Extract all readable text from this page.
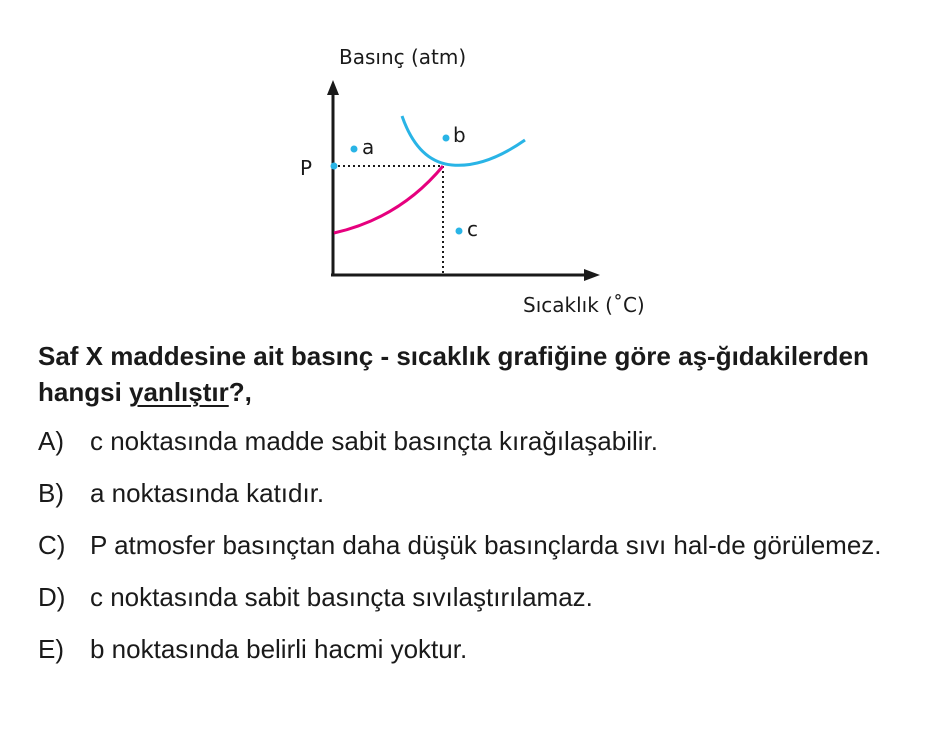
Basınç (atm)
Sıcaklık (˚C)
P
a	b
c

Saf X maddesine ait basınç - sıcaklık grafiğine göre aş-ğıdakilerden hangsi yanlıştır?,

A)	c noktasında madde sabit basınçta kırağılaşabilir.
B)	a noktasında katıdır.
C) P atmosfer basınçtan daha düşük basınçlarda sıvı hal-de görülemez.
D) c noktasında sabit basınçta sıvılaştırılamaz.
E)	b noktasında belirli hacmi yoktur.
